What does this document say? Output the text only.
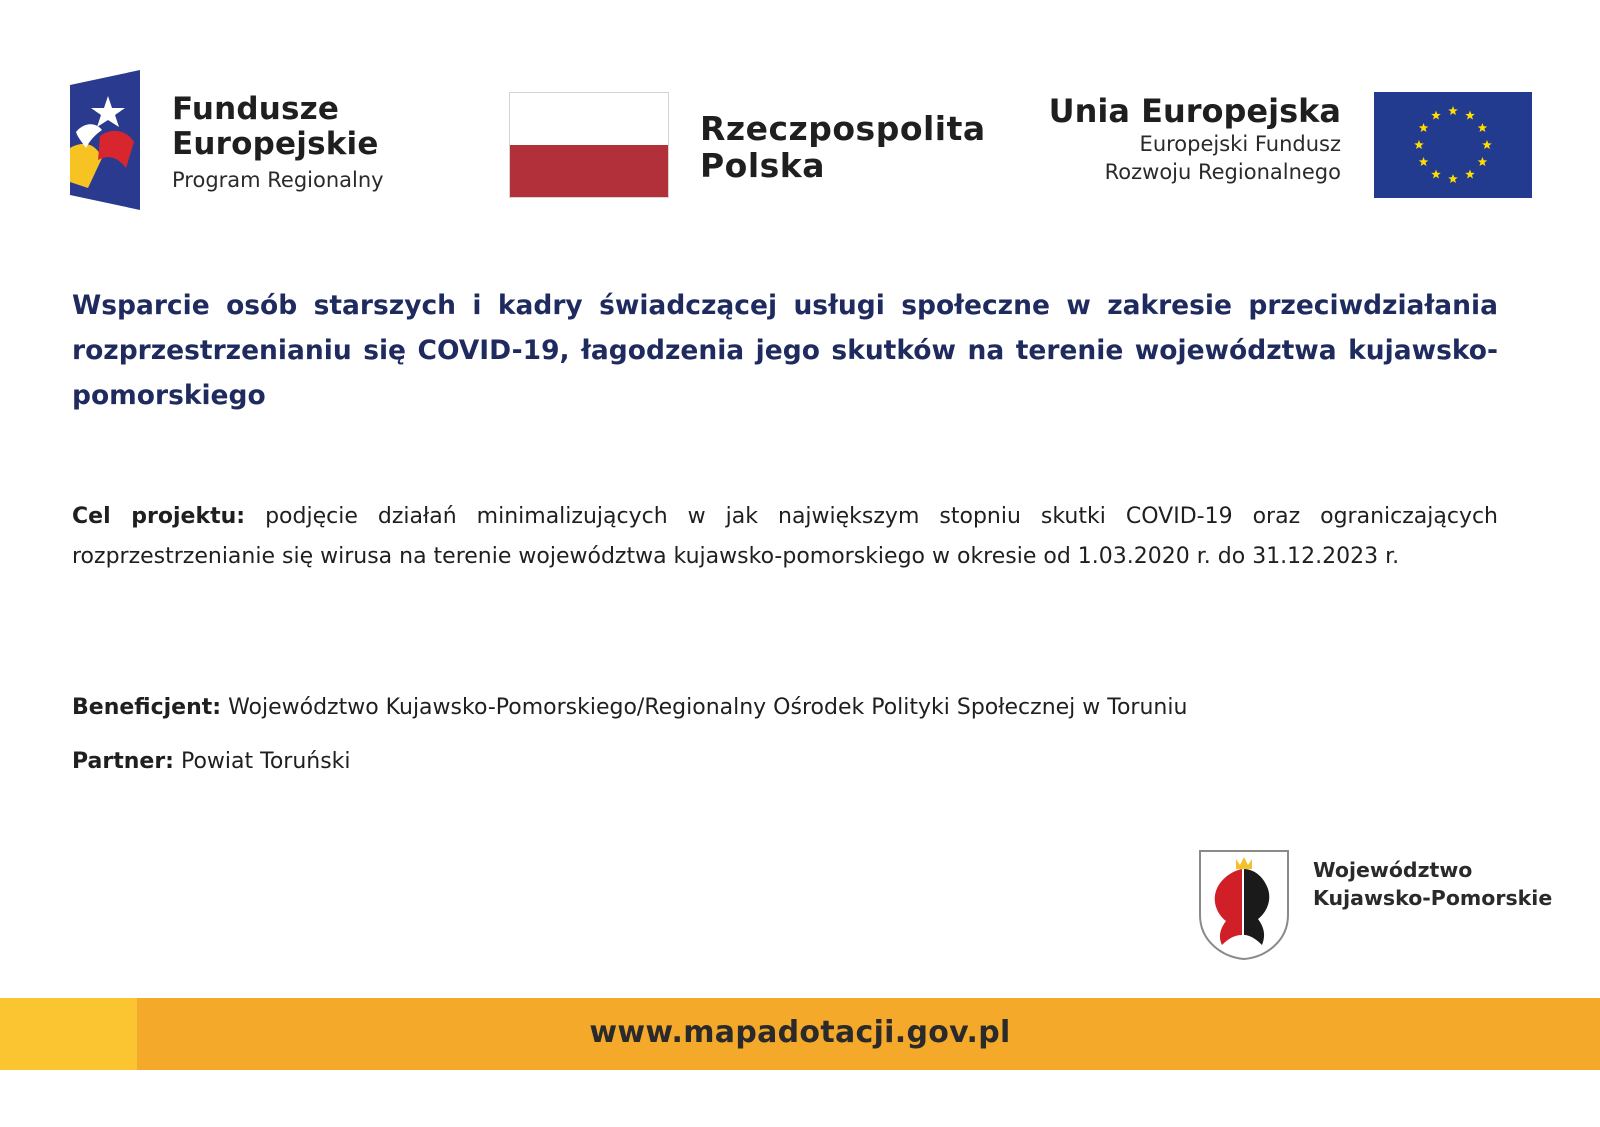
Fundusze
Europejskie
Program Regionalny
Rzeczpospolita
Polska
Unia Europejska
Europejski Fundusz
Rozwoju Regionalnego

Wsparcie osób starszych i kadry świadczącej usługi społeczne w zakresie przeciwdziałania rozprzestrzenianiu się COVID-19, łagodzenia jego skutków na terenie województwa kujawsko-pomorskiego

Cel projektu: podjęcie działań minimalizujących w jak największym stopniu skutki COVID-19 oraz ograniczających rozprzestrzenianie się wirusa na terenie województwa kujawsko-pomorskiego w okresie od 1.03.2020 r. do 31.12.2023 r.

Beneficjent: Województwo Kujawsko-Pomorskiego/Regionalny Ośrodek Polityki Społecznej w Toruniu

Partner: Powiat Toruński

Województwo
Kujawsko-Pomorskie
www.mapadotacji.gov.pl
